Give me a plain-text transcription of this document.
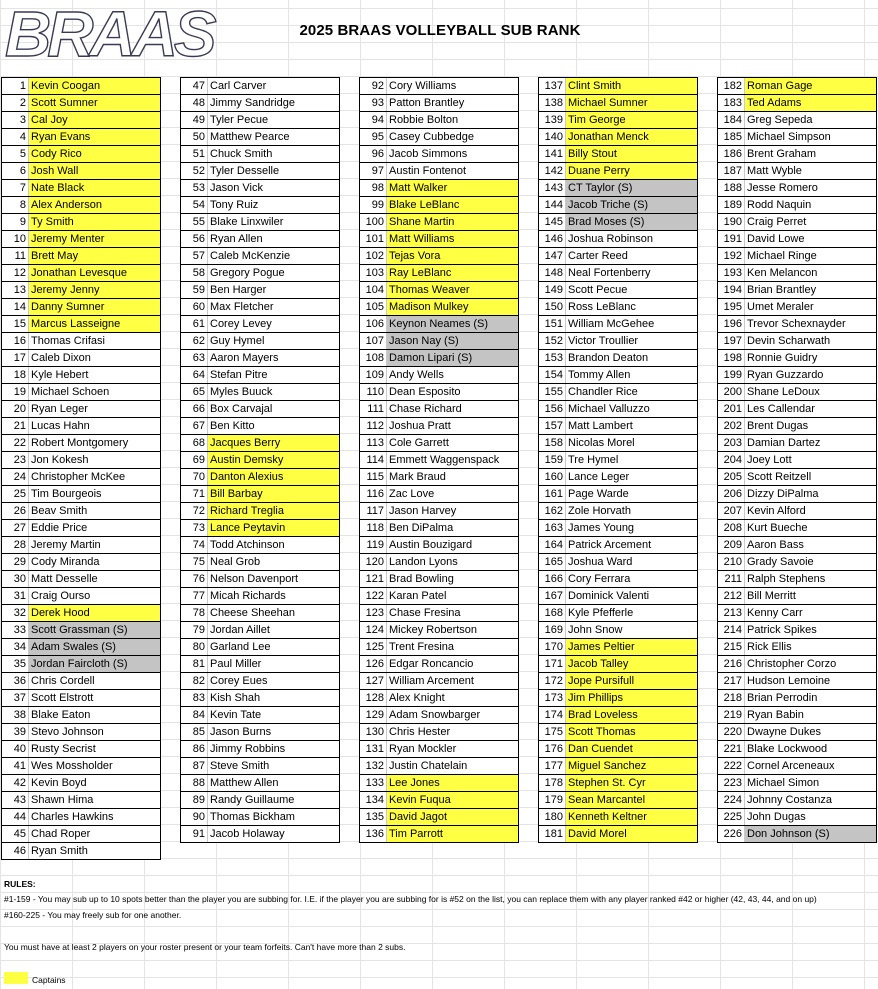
BRAAS	2025 BRAAS VOLLEYBALL SUB RANK
1 Kevin Coogan
2 Scott Sumner
3 Cal Joy
4 Ryan Evans
5 Cody Rico
6 Josh Wall
7 Nate Black
8 Alex Anderson
9 Ty Smith
10 Jeremy Menter
11 Brett May
12 Jonathan Levesque
13 Jeremy Jenny
14 Danny Sumner
15 Marcus Lasseigne
16 Thomas Crifasi
17 Caleb Dixon
18 Kyle Hebert
19 Michael Schoen
20 Ryan Leger
21 Lucas Hahn
22 Robert Montgomery
23 Jon Kokesh
24 Christopher McKee
25 Tim Bourgeois
26 Beav Smith
27 Eddie Price
28 Jeremy Martin
29 Cody Miranda
30 Matt Desselle
31 Craig Ourso
32 Derek Hood
33 Scott Grassman (S)
34 Adam Swales (S)
35 Jordan Faircloth (S)
36 Chris Cordell
37 Scott Elstrott
38 Blake Eaton
39 Stevo Johnson
40 Rusty Secrist
41 Wes Mossholder
42 Kevin Boyd
43 Shawn Hima
44 Charles Hawkins
45 Chad Roper
46 Ryan Smith
47 Carl Carver
48 Jimmy Sandridge
49 Tyler Pecue
50 Matthew Pearce
51 Chuck Smith
52 Tyler Desselle
53 Jason Vick
54 Tony Ruiz
55 Blake Linxwiler
56 Ryan Allen
57 Caleb McKenzie
58 Gregory Pogue
59 Ben Harger
60 Max Fletcher
61 Corey Levey
62 Guy Hymel
63 Aaron Mayers
64 Stefan Pitre
65 Myles Buuck
66 Box Carvajal
67 Ben Kitto
68 Jacques Berry
69 Austin Demsky
70 Danton Alexius
71 Bill Barbay
72 Richard Treglia
73 Lance Peytavin
74 Todd Atchinson
75 Neal Grob
76 Nelson Davenport
77 Micah Richards
78 Cheese Sheehan
79 Jordan Aillet
80 Garland Lee
81 Paul Miller
82 Corey Eues
83 Kish Shah
84 Kevin Tate
85 Jason Burns
86 Jimmy Robbins
87 Steve Smith
88 Matthew Allen
89 Randy Guillaume
90 Thomas Bickham
91 Jacob Holaway
92 Cory Williams
93 Patton Brantley
94 Robbie Bolton
95 Casey Cubbedge
96 Jacob Simmons
97 Austin Fontenot
98 Matt Walker
99 Blake LeBlanc
100 Shane Martin
101 Matt Williams
102 Tejas Vora
103 Ray LeBlanc
104 Thomas Weaver
105 Madison Mulkey
106 Keynon Neames (S)
107 Jason Nay (S)
108 Damon Lipari (S)
109 Andy Wells
110 Dean Esposito
111 Chase Richard
112 Joshua Pratt
113 Cole Garrett
114 Emmett Waggenspack
115 Mark Braud
116 Zac Love
117 Jason Harvey
118 Ben DiPalma
119 Austin Bouzigard
120 Landon Lyons
121 Brad Bowling
122 Karan Patel
123 Chase Fresina
124 Mickey Robertson
125 Trent Fresina
126 Edgar Roncancio
127 William Arcement
128 Alex Knight
129 Adam Snowbarger
130 Chris Hester
131 Ryan Mockler
132 Justin Chatelain
133 Lee Jones
134 Kevin Fuqua
135 David Jagot
136 Tim Parrott
137 Clint Smith
138 Michael Sumner
139 Tim George
140 Jonathan Menck
141 Billy Stout
142 Duane Perry
143 CT Taylor (S)
144 Jacob Triche (S)
145 Brad Moses (S)
146 Joshua Robinson
147 Carter Reed
148 Neal Fortenberry
149 Scott Pecue
150 Ross LeBlanc
151 William McGehee
152 Victor Troullier
153 Brandon Deaton
154 Tommy Allen
155 Chandler Rice
156 Michael Valluzzo
157 Matt Lambert
158 Nicolas Morel
159 Tre Hymel
160 Lance Leger
161 Page Warde
162 Zole Horvath
163 James Young
164 Patrick Arcement
165 Joshua Ward
166 Cory Ferrara
167 Dominick Valenti
168 Kyle Pfefferle
169 John Snow
170 James Peltier
171 Jacob Talley
172 Jope Pursifull
173 Jim Phillips
174 Brad Loveless
175 Scott Thomas
176 Dan Cuendet
177 Miguel Sanchez
178 Stephen St. Cyr
179 Sean Marcantel
180 Kenneth Keltner
181 David Morel
182 Roman Gage
183 Ted Adams
184 Greg Sepeda
185 Michael Simpson
186 Brent Graham
187 Matt Wyble
188 Jesse Romero
189 Rodd Naquin
190 Craig Perret
191 David Lowe
192 Michael Ringe
193 Ken Melancon
194 Brian Brantley
195 Umet Meraler
196 Trevor Schexnayder
197 Devin Scharwath
198 Ronnie Guidry
199 Ryan Guzzardo
200 Shane LeDoux
201 Les Callendar
202 Brent Dugas
203 Damian Dartez
204 Joey Lott
205 Scott Reitzell
206 Dizzy DiPalma
207 Kevin Alford
208 Kurt Bueche
209 Aaron Bass
210 Grady Savoie
211 Ralph Stephens
212 Bill Merritt
213 Kenny Carr
214 Patrick Spikes
215 Rick Ellis
216 Christopher Corzo
217 Hudson Lemoine
218 Brian Perrodin
219 Ryan Babin
220 Dwayne Dukes
221 Blake Lockwood
222 Cornel Arceneaux
223 Michael Simon
224 Johnny Costanza
225 John Dugas
226 Don Johnson (S)
RULES:
#1-159 - You may sub up to 10 spots better than the player you are subbing for. I.E. if the player you are subbing for is #52 on the list, you can replace them with any player ranked #42 or higher (42, 43, 44, and on up)
#160-225 - You may freely sub for one another.
You must have at least 2 players on your roster present or your team forfeits. Can't have more than 2 subs.
Captains
